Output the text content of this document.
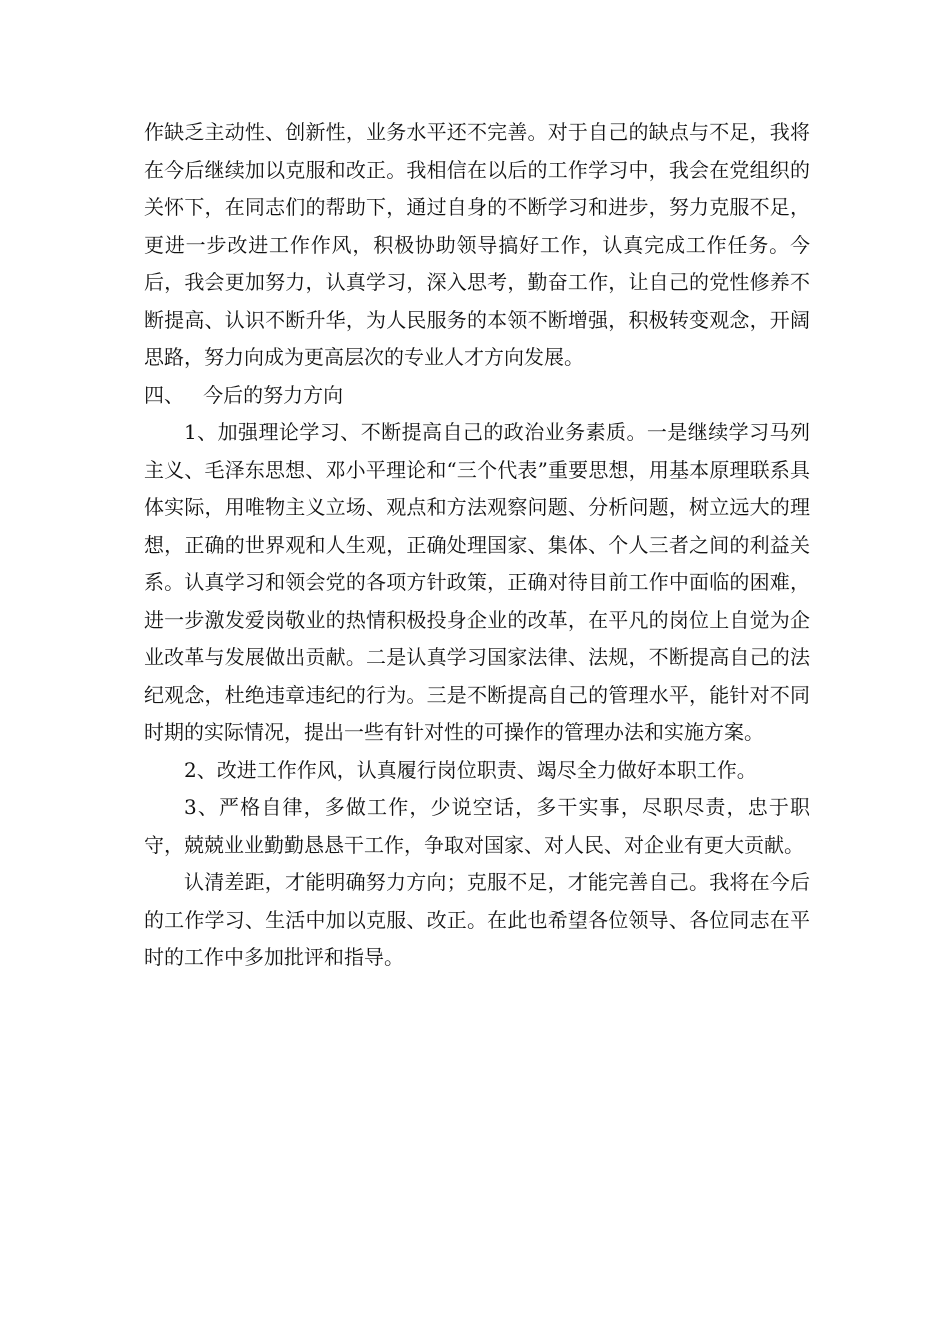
作缺乏主动性、创新性，业务水平还不完善。对于自己的缺点与不足，我将在今后继续加以克服和改正。我相信在以后的工作学习中，我会在党组织的关怀下，在同志们的帮助下，通过自身的不断学习和进步，努力克服不足，更进一步改进工作作风，积极协助领导搞好工作，认真完成工作任务。今后，我会更加努力，认真学习，深入思考，勤奋工作，让自己的党性修养不断提高、认识不断升华，为人民服务的本领不断增强，积极转变观念，开阔思路，努力向成为更高层次的专业人才方向发展。

四、   今后的努力方向

1、加强理论学习、不断提高自己的政治业务素质。一是继续学习马列主义、毛泽东思想、邓小平理论和“三个代表”重要思想，用基本原理联系具体实际，用唯物主义立场、观点和方法观察问题、分析问题，树立远大的理想，正确的世界观和人生观，正确处理国家、集体、个人三者之间的利益关系。认真学习和领会党的各项方针政策，正确对待目前工作中面临的困难，进一步激发爱岗敬业的热情积极投身企业的改革，在平凡的岗位上自觉为企业改革与发展做出贡献。二是认真学习国家法律、法规，不断提高自己的法纪观念，杜绝违章违纪的行为。三是不断提高自己的管理水平，能针对不同时期的实际情况，提出一些有针对性的可操作的管理办法和实施方案。

2、改进工作作风，认真履行岗位职责、竭尽全力做好本职工作。

3、严格自律，多做工作，少说空话，多干实事，尽职尽责，忠于职守，兢兢业业勤勤恳恳干工作，争取对国家、对人民、对企业有更大贡献。

认清差距，才能明确努力方向；克服不足，才能完善自己。我将在今后的工作学习、生活中加以克服、改正。在此也希望各位领导、各位同志在平时的工作中多加批评和指导。
